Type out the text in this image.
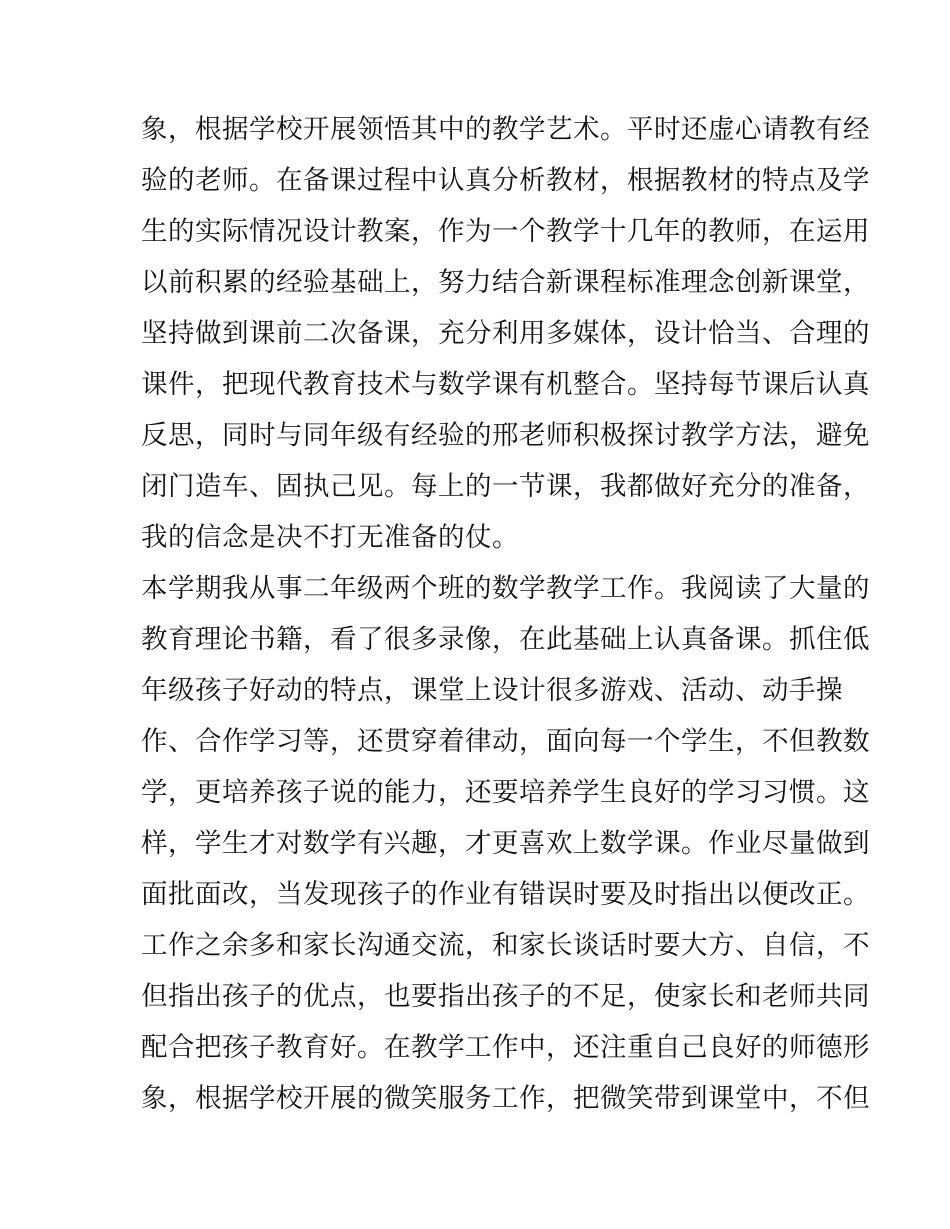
象，根据学校开展领悟其中的教学艺术。平时还虚心请教有经
验的老师。在备课过程中认真分析教材，根据教材的特点及学
生的实际情况设计教案，作为一个教学十几年的教师，在运用
以前积累的经验基础上，努力结合新课程标准理念创新课堂，
坚持做到课前二次备课，充分利用多媒体，设计恰当、合理的
课件，把现代教育技术与数学课有机整合。坚持每节课后认真
反思，同时与同年级有经验的邢老师积极探讨教学方法，避免
闭门造车、固执己见。每上的一节课，我都做好充分的准备，
我的信念是决不打无准备的仗。
本学期我从事二年级两个班的数学教学工作。我阅读了大量的
教育理论书籍，看了很多录像，在此基础上认真备课。抓住低
年级孩子好动的特点，课堂上设计很多游戏、活动、动手操
作、合作学习等，还贯穿着律动，面向每一个学生，不但教数
学，更培养孩子说的能力，还要培养学生良好的学习习惯。这
样，学生才对数学有兴趣，才更喜欢上数学课。作业尽量做到
面批面改，当发现孩子的作业有错误时要及时指出以便改正。
工作之余多和家长沟通交流，和家长谈话时要大方、自信，不
但指出孩子的优点，也要指出孩子的不足，使家长和老师共同
配合把孩子教育好。在教学工作中，还注重自己良好的师德形
象，根据学校开展的微笑服务工作，把微笑带到课堂中，不但
